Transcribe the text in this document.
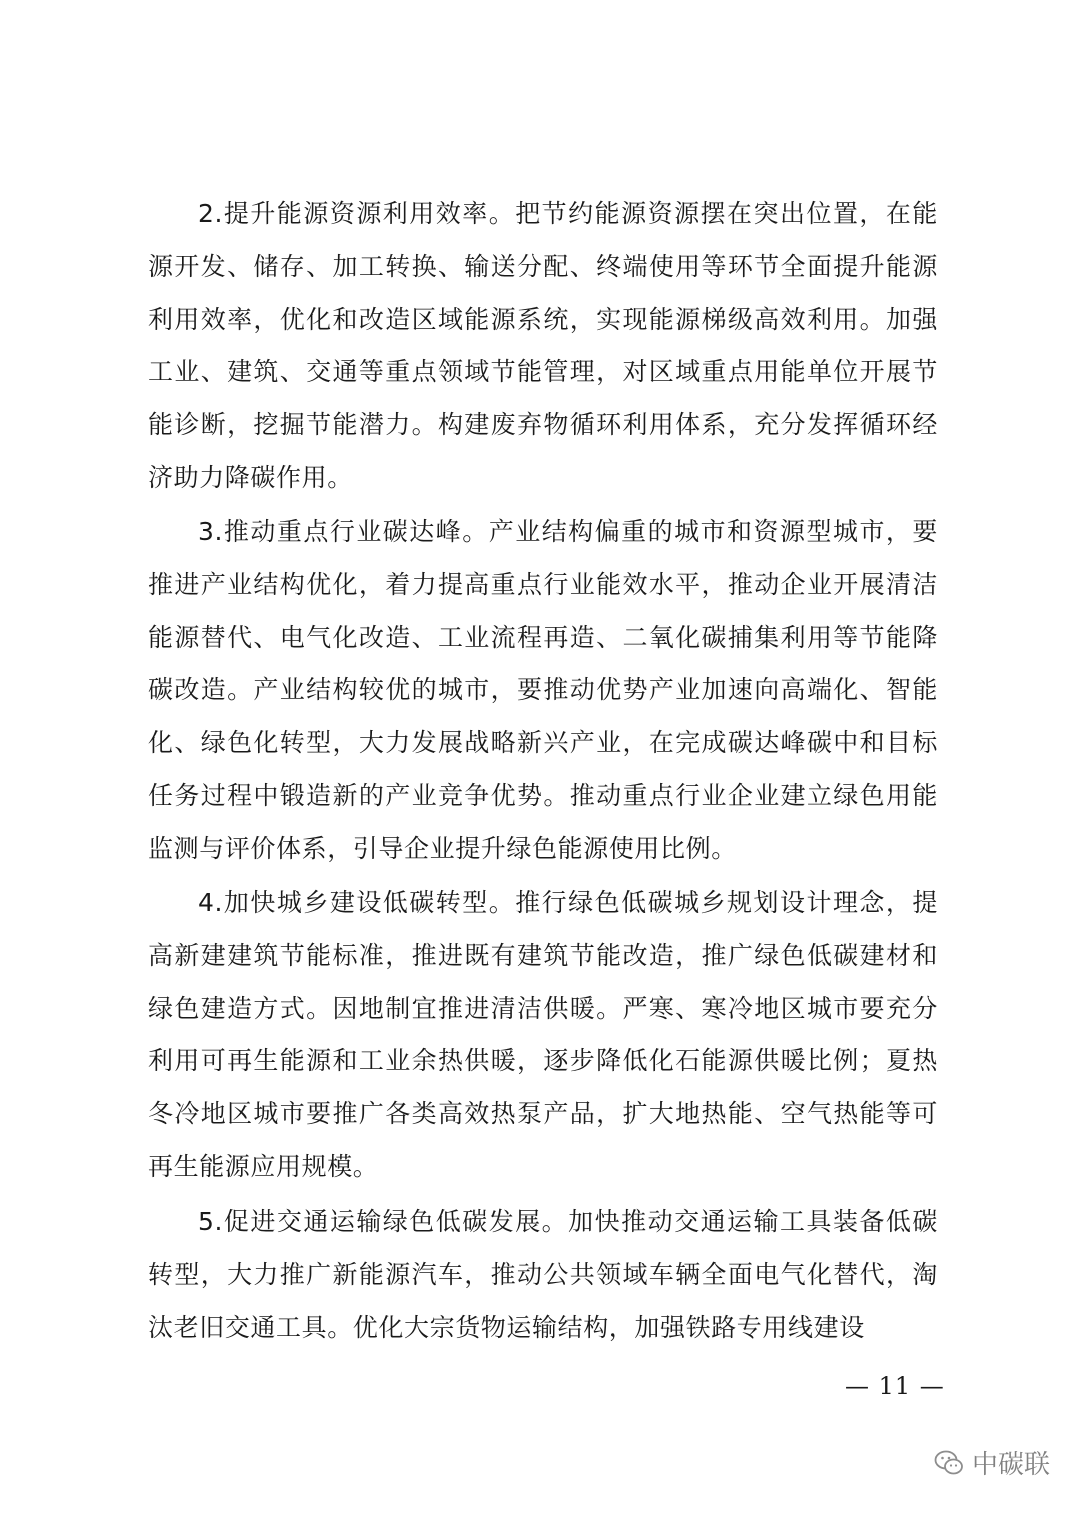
2.提升能源资源利用效率。把节约能源资源摆在突出位置，在能源开发、储存、加工转换、输送分配、终端使用等环节全面提升能源利用效率，优化和改造区域能源系统，实现能源梯级高效利用。加强工业、建筑、交通等重点领域节能管理，对区域重点用能单位开展节能诊断，挖掘节能潜力。构建废弃物循环利用体系，充分发挥循环经济助力降碳作用。

3.推动重点行业碳达峰。产业结构偏重的城市和资源型城市，要推进产业结构优化，着力提高重点行业能效水平，推动企业开展清洁能源替代、电气化改造、工业流程再造、二氧化碳捕集利用等节能降碳改造。产业结构较优的城市，要推动优势产业加速向高端化、智能化、绿色化转型，大力发展战略新兴产业，在完成碳达峰碳中和目标任务过程中锻造新的产业竞争优势。推动重点行业企业建立绿色用能监测与评价体系，引导企业提升绿色能源使用比例。

4.加快城乡建设低碳转型。推行绿色低碳城乡规划设计理念，提高新建建筑节能标准，推进既有建筑节能改造，推广绿色低碳建材和绿色建造方式。因地制宜推进清洁供暖。严寒、寒冷地区城市要充分利用可再生能源和工业余热供暖，逐步降低化石能源供暖比例；夏热冬冷地区城市要推广各类高效热泵产品，扩大地热能、空气热能等可再生能源应用规模。

5.促进交通运输绿色低碳发展。加快推动交通运输工具装备低碳转型，大力推广新能源汽车，推动公共领域车辆全面电气化替代，淘汰老旧交通工具。优化大宗货物运输结构，加强铁路专用线建设

— 11 —
中碳联
